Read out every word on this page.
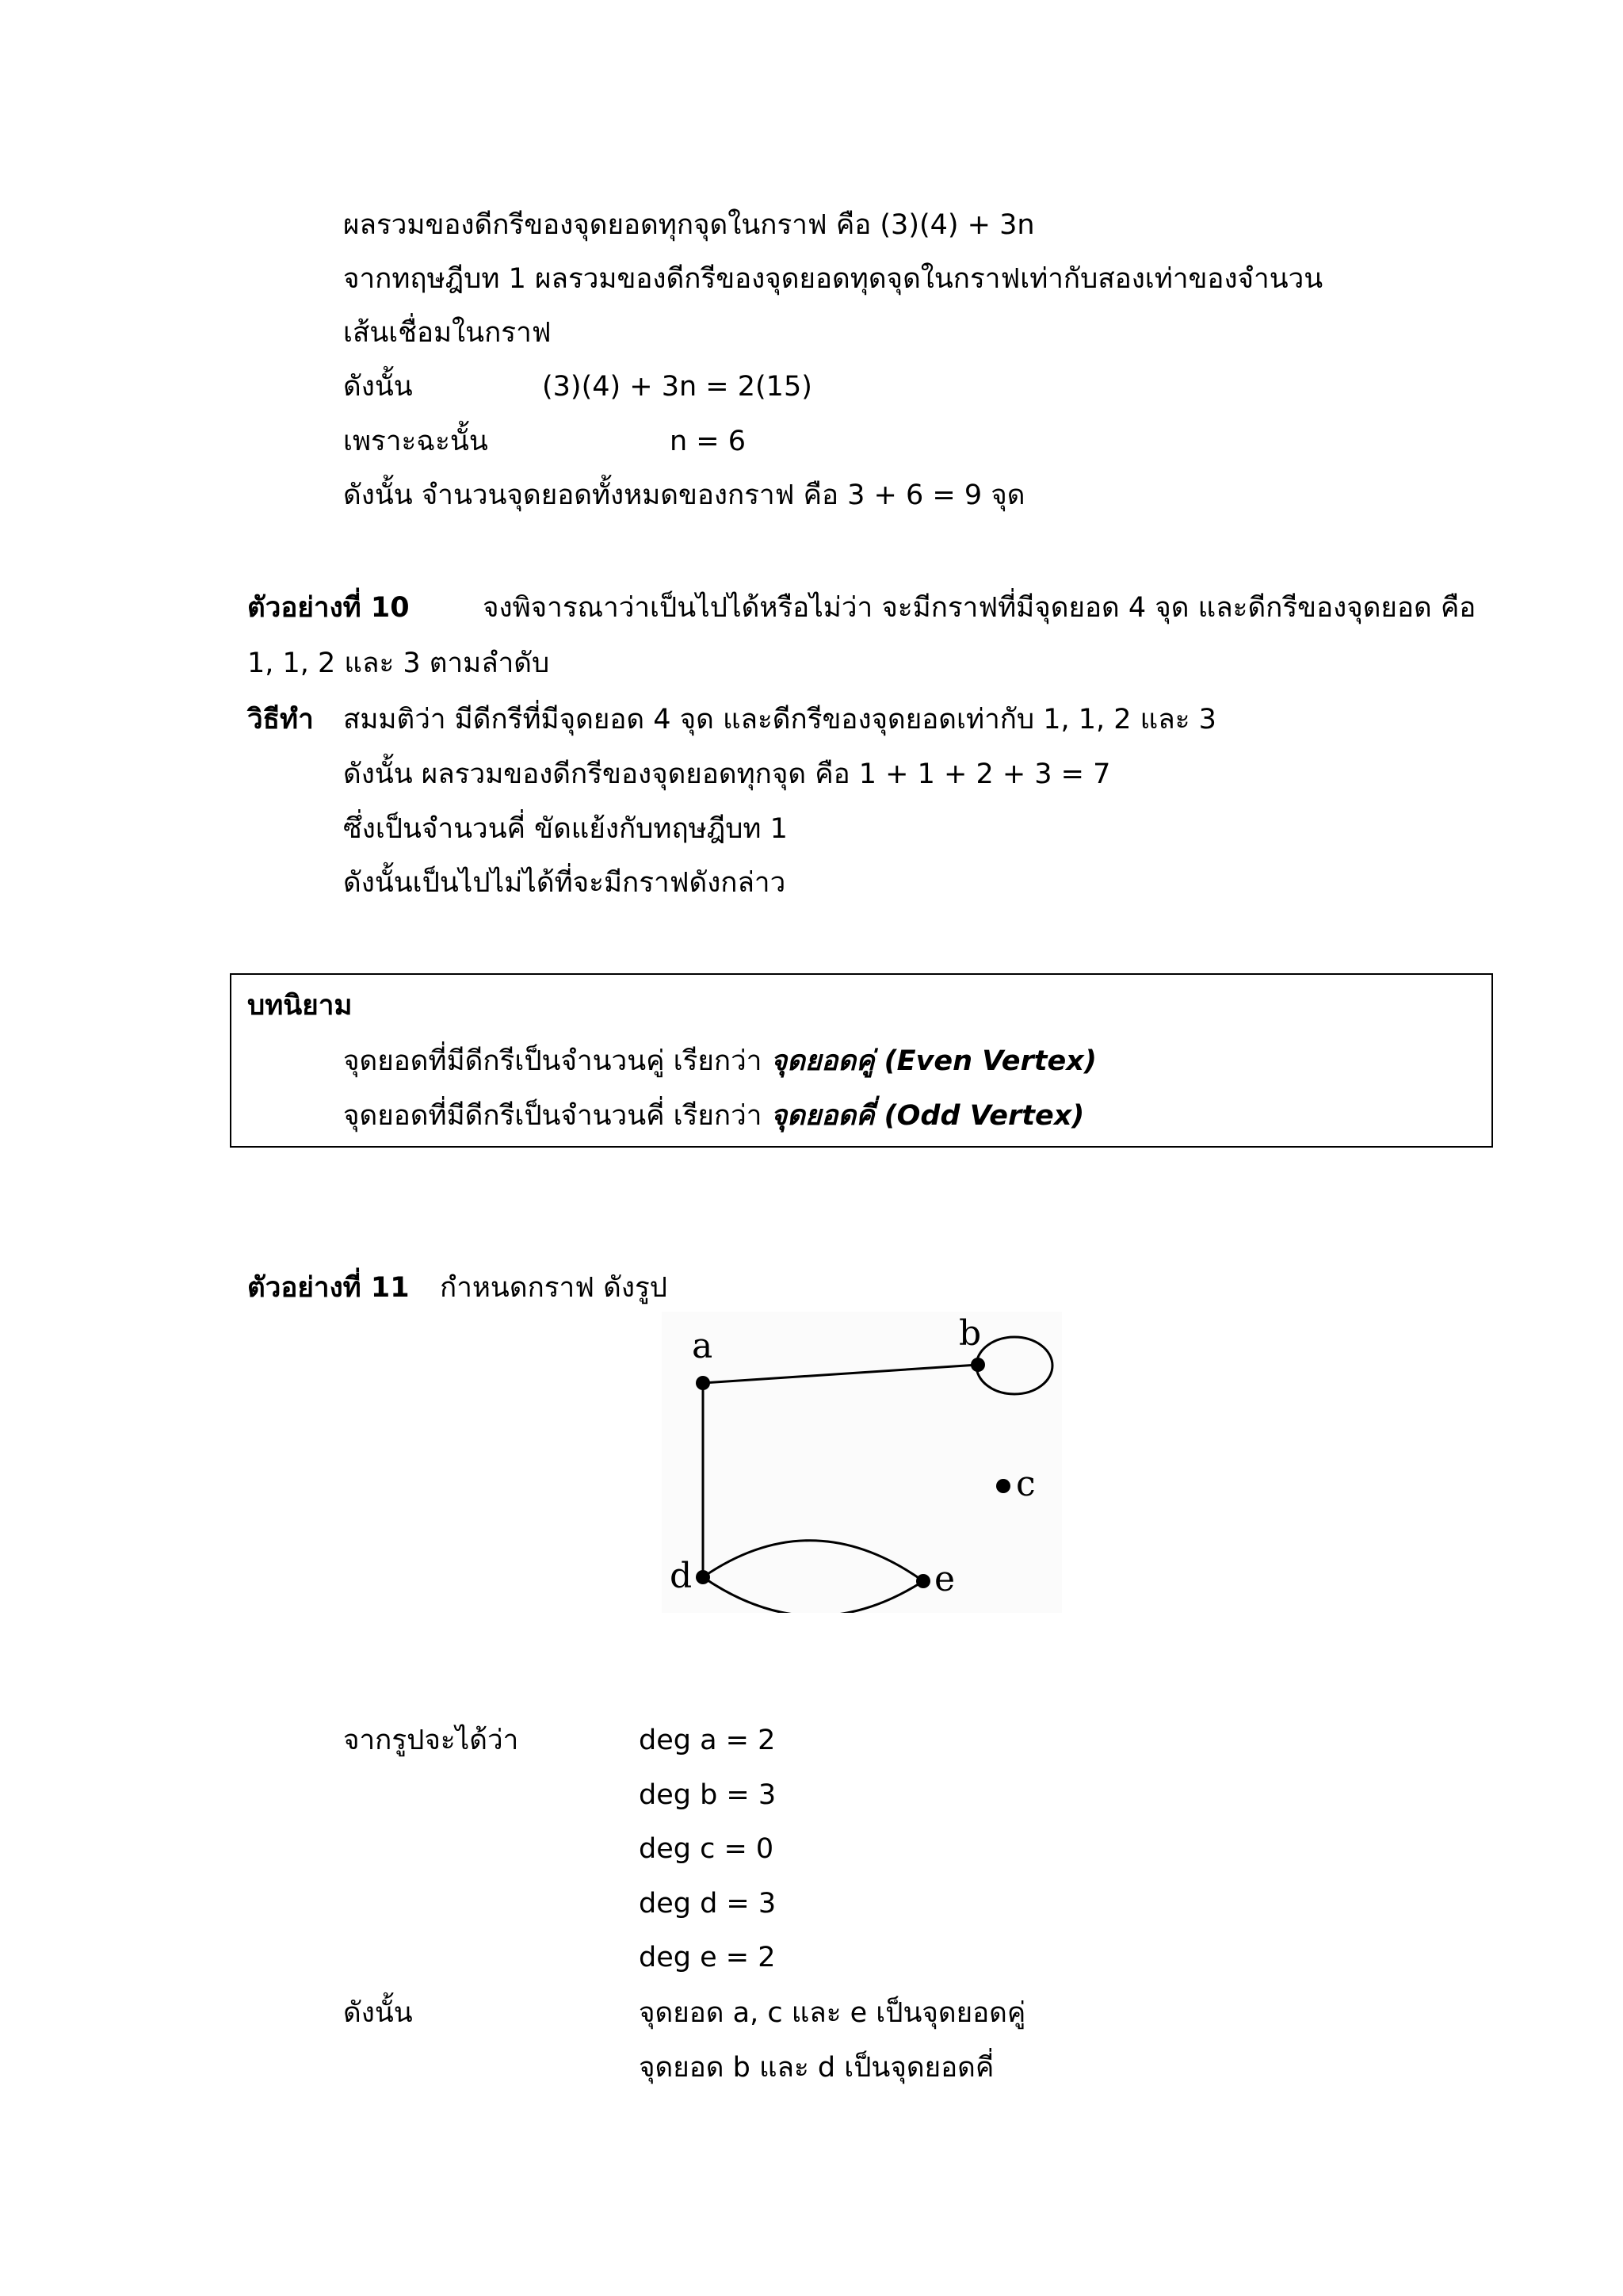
ผลรวมของดีกรีของจุดยอดทุกจุดในกราฟ คือ (3)(4) + 3n
จากทฤษฎีบท 1 ผลรวมของดีกรีของจุดยอดทุดจุดในกราฟเท่ากับสองเท่าของจำนวน
เส้นเชื่อมในกราฟ
ดังนั้น	(3)(4) + 3n = 2(15)
เพราะฉะนั้น	n = 6
ดังนั้น จำนวนจุดยอดทั้งหมดของกราฟ คือ 3 + 6 = 9 จุด
ตัวอย่างที่ 10	จงพิจารณาว่าเป็นไปได้หรือไม่ว่า จะมีกราฟที่มีจุดยอด 4 จุด และดีกรีของจุดยอด คือ
1, 1, 2 และ 3 ตามลำดับ
วิธีทำ สมมติว่า มีดีกรีที่มีจุดยอด 4 จุด และดีกรีของจุดยอดเท่ากับ 1, 1, 2 และ 3
ดังนั้น ผลรวมของดีกรีของจุดยอดทุกจุด คือ 1 + 1 + 2 + 3 = 7
ซึ่งเป็นจำนวนคี่ ขัดแย้งกับทฤษฎีบท 1
ดังนั้นเป็นไปไม่ได้ที่จะมีกราฟดังกล่าว
บทนิยาม
จุดยอดที่มีดีกรีเป็นจำนวนคู่ เรียกว่า จุดยอดคู่ (Even Vertex)
จุดยอดที่มีดีกรีเป็นจำนวนคี่ เรียกว่า จุดยอดคี่ (Odd Vertex)
ตัวอย่างที่ 11 กำหนดกราฟ ดังรูป
a	b
c
d	e
จากรูปจะได้ว่า	deg a = 2
deg b = 3
deg c = 0
deg d = 3
deg e = 2
ดังนั้น	จุดยอด a, c และ e เป็นจุดยอดคู่
จุดยอด b และ d เป็นจุดยอดคี่
